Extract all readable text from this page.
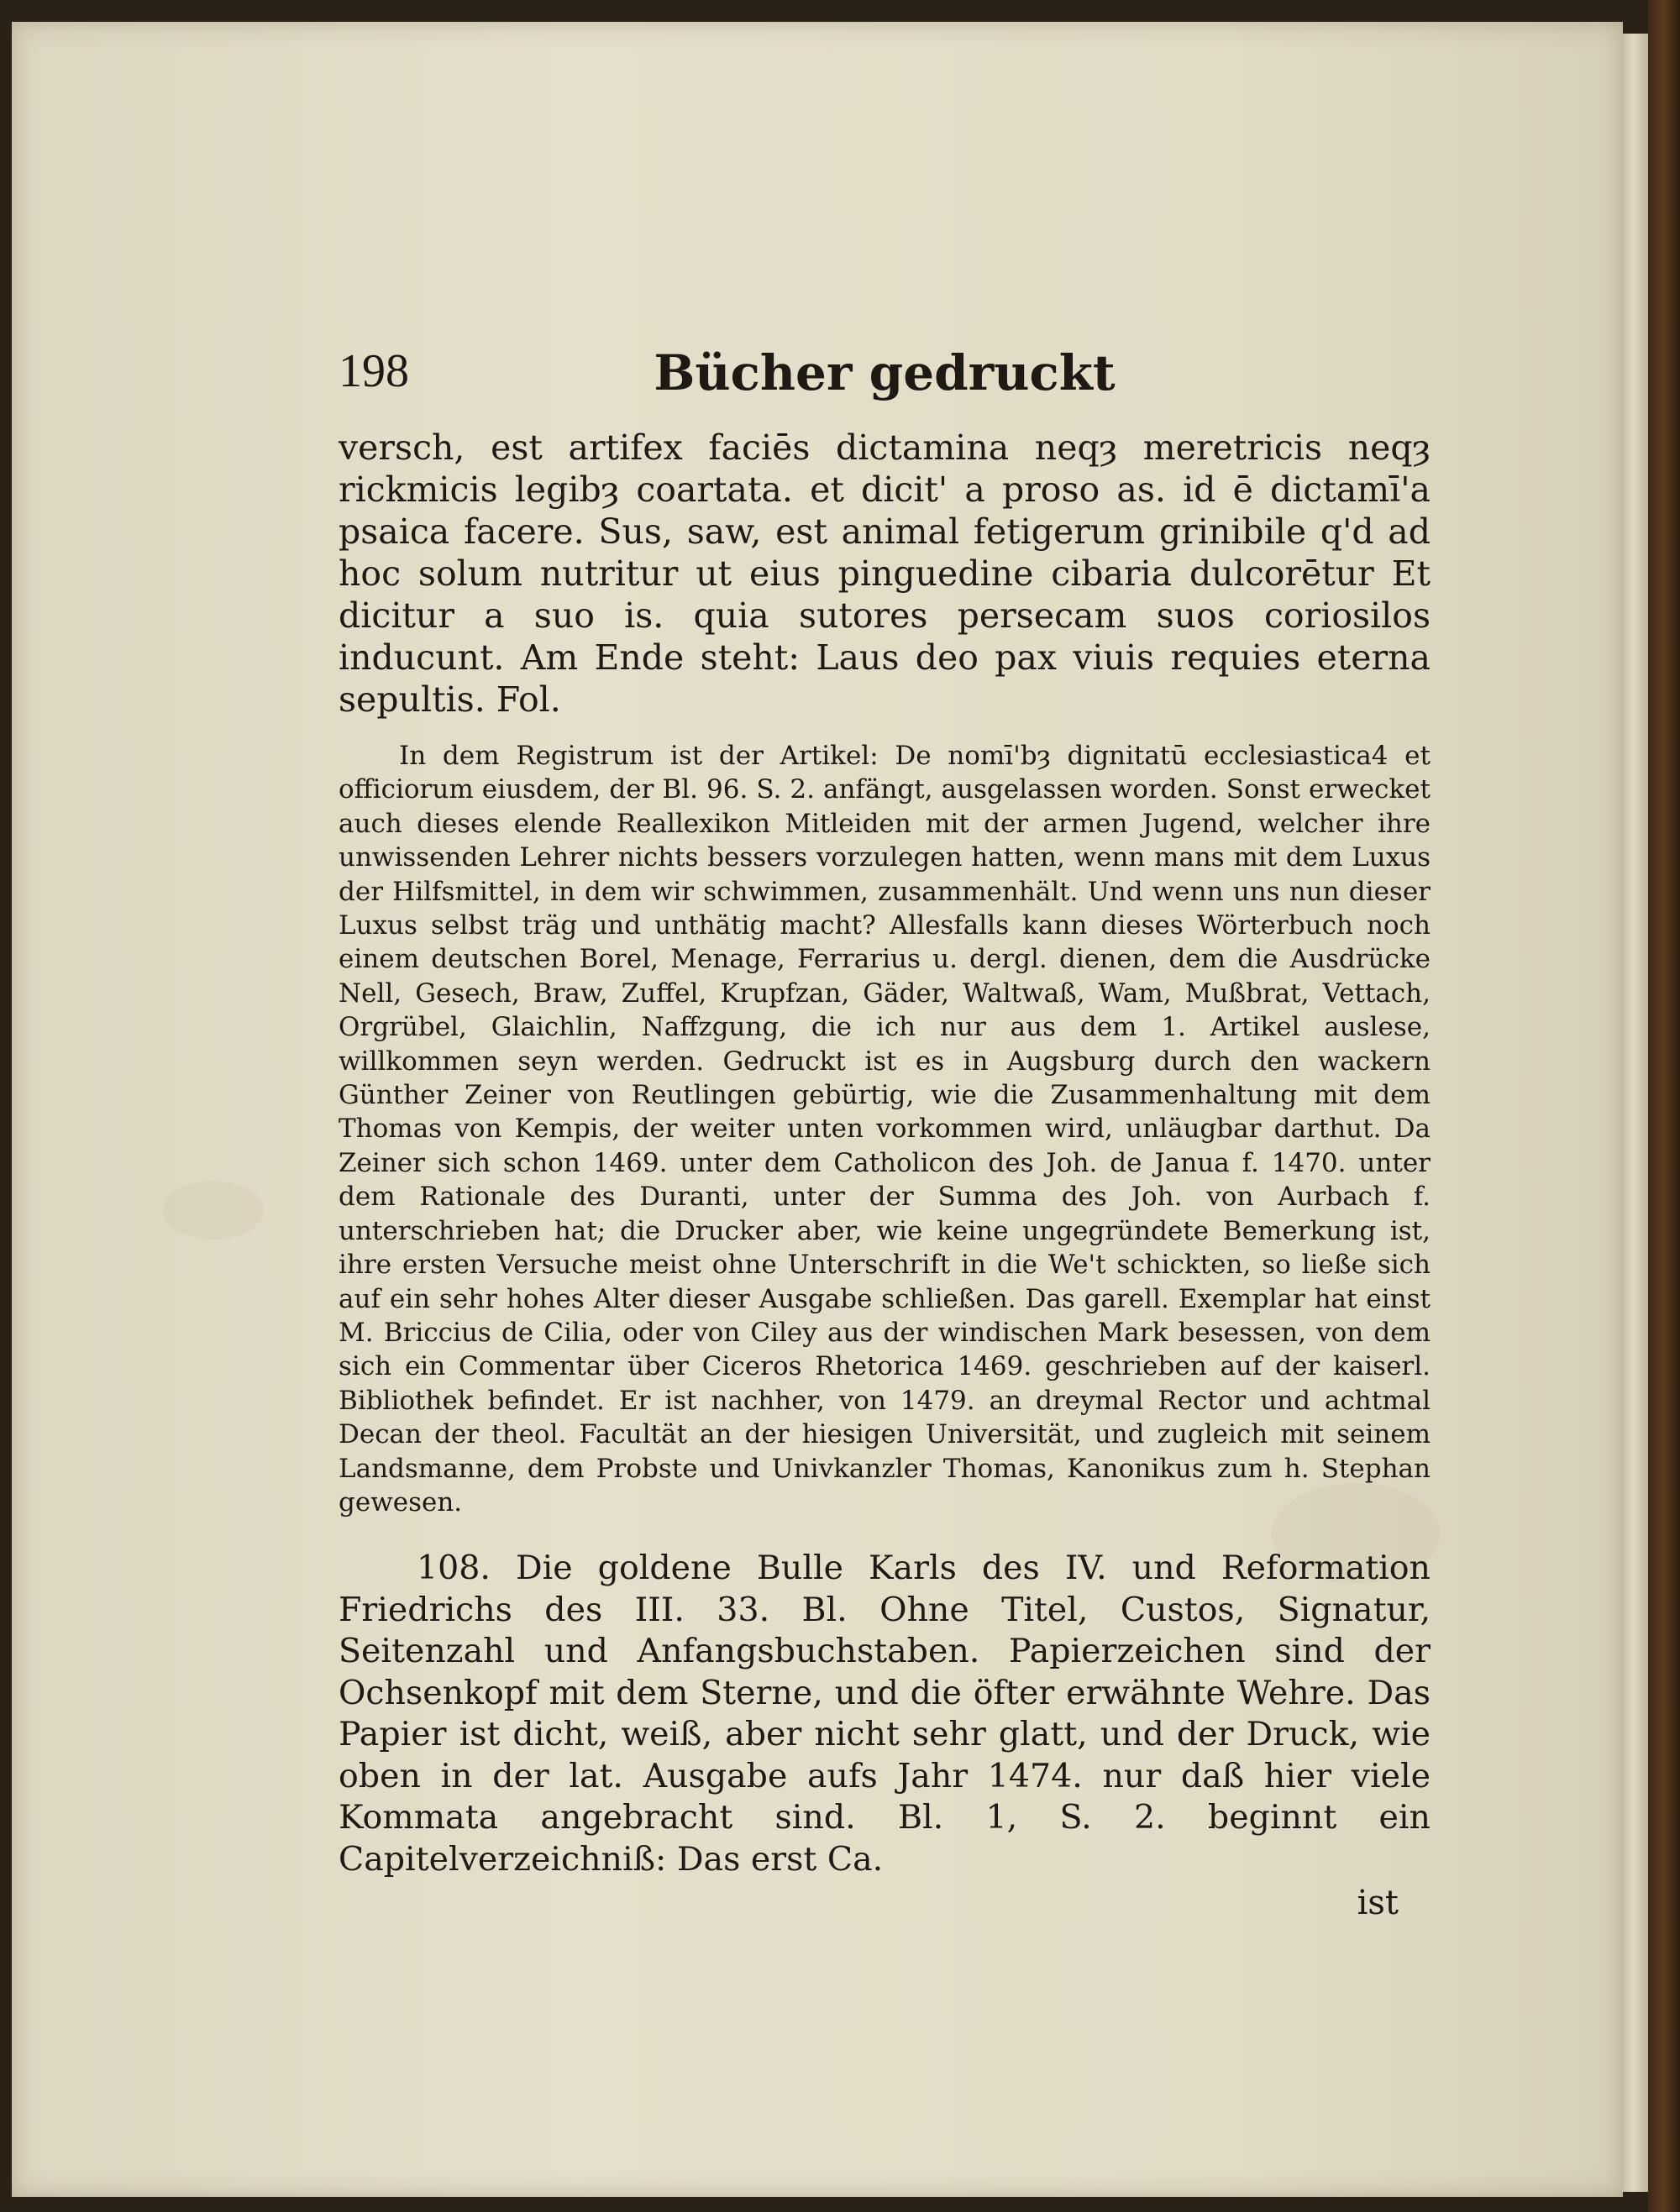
198	Bücher gedruckt

versch, est artifex faciēs dictamina neqȝ meretricis neqȝ rickmicis legibȝ coartata. et dicit' a proso as. id ē dictamī'a psaica facere. Sus, saw, est animal fetigerum grinibile q'd ad hoc solum nutritur ut eius pinguedine cibaria dulcorētur Et dicitur a suo is. quia sutores persecam suos coriosilos inducunt. Am Ende steht: Laus deo pax viuis requies eterna sepultis. Fol.

In dem Registrum ist der Artikel: De nomī'bȝ dignitatū ecclesiastica4 et officiorum eiusdem, der Bl. 96. S. 2. anfängt, ausgelassen worden. Sonst erwecket auch dieses elende Reallexikon Mitleiden mit der armen Jugend, welcher ihre unwissenden Lehrer nichts bessers vorzulegen hatten, wenn mans mit dem Luxus der Hilfsmittel, in dem wir schwimmen, zusammenhält. Und wenn uns nun dieser Luxus selbst träg und unthätig macht? Allesfalls kann dieses Wörterbuch noch einem deutschen Borel, Menage, Ferrarius u. dergl. dienen, dem die Ausdrücke Nell, Gesech, Braw, Zuffel, Krupfzan, Gäder, Waltwaß, Wam, Mußbrat, Vettach, Orgrübel, Glaichlin, Naffzgung, die ich nur aus dem 1. Artikel auslese, willkommen seyn werden. Gedruckt ist es in Augsburg durch den wackern Günther Zeiner von Reutlingen gebürtig, wie die Zusammenhaltung mit dem Thomas von Kempis, der weiter unten vorkommen wird, unläugbar darthut. Da Zeiner sich schon 1469. unter dem Catholicon des Joh. de Janua f. 1470. unter dem Rationale des Duranti, unter der Summa des Joh. von Aurbach f. unterschrieben hat; die Drucker aber, wie keine ungegründete Bemerkung ist, ihre ersten Versuche meist ohne Unterschrift in die We't schickten, so ließe sich auf ein sehr hohes Alter dieser Ausgabe schließen. Das garell. Exemplar hat einst M. Briccius de Cilia, oder von Ciley aus der windischen Mark besessen, von dem sich ein Commentar über Ciceros Rhetorica 1469. geschrieben auf der kaiserl. Bibliothek befindet. Er ist nachher, von 1479. an dreymal Rector und achtmal Decan der theol. Facultät an der hiesigen Universität, und zugleich mit seinem Landsmanne, dem Probste und Univkanzler Thomas, Kanonikus zum h. Stephan gewesen.

108. Die goldene Bulle Karls des IV. und Reformation Friedrichs des III. 33. Bl. Ohne Titel, Custos, Signatur, Seitenzahl und Anfangsbuchstaben. Papierzeichen sind der Ochsenkopf mit dem Sterne, und die öfter erwähnte Wehre. Das Papier ist dicht, weiß, aber nicht sehr glatt, und der Druck, wie oben in der lat. Ausgabe aufs Jahr 1474. nur daß hier viele Kommata angebracht sind. Bl. 1, S. 2. beginnt ein Capitelverzeichniß: Das erst Ca.

ist
